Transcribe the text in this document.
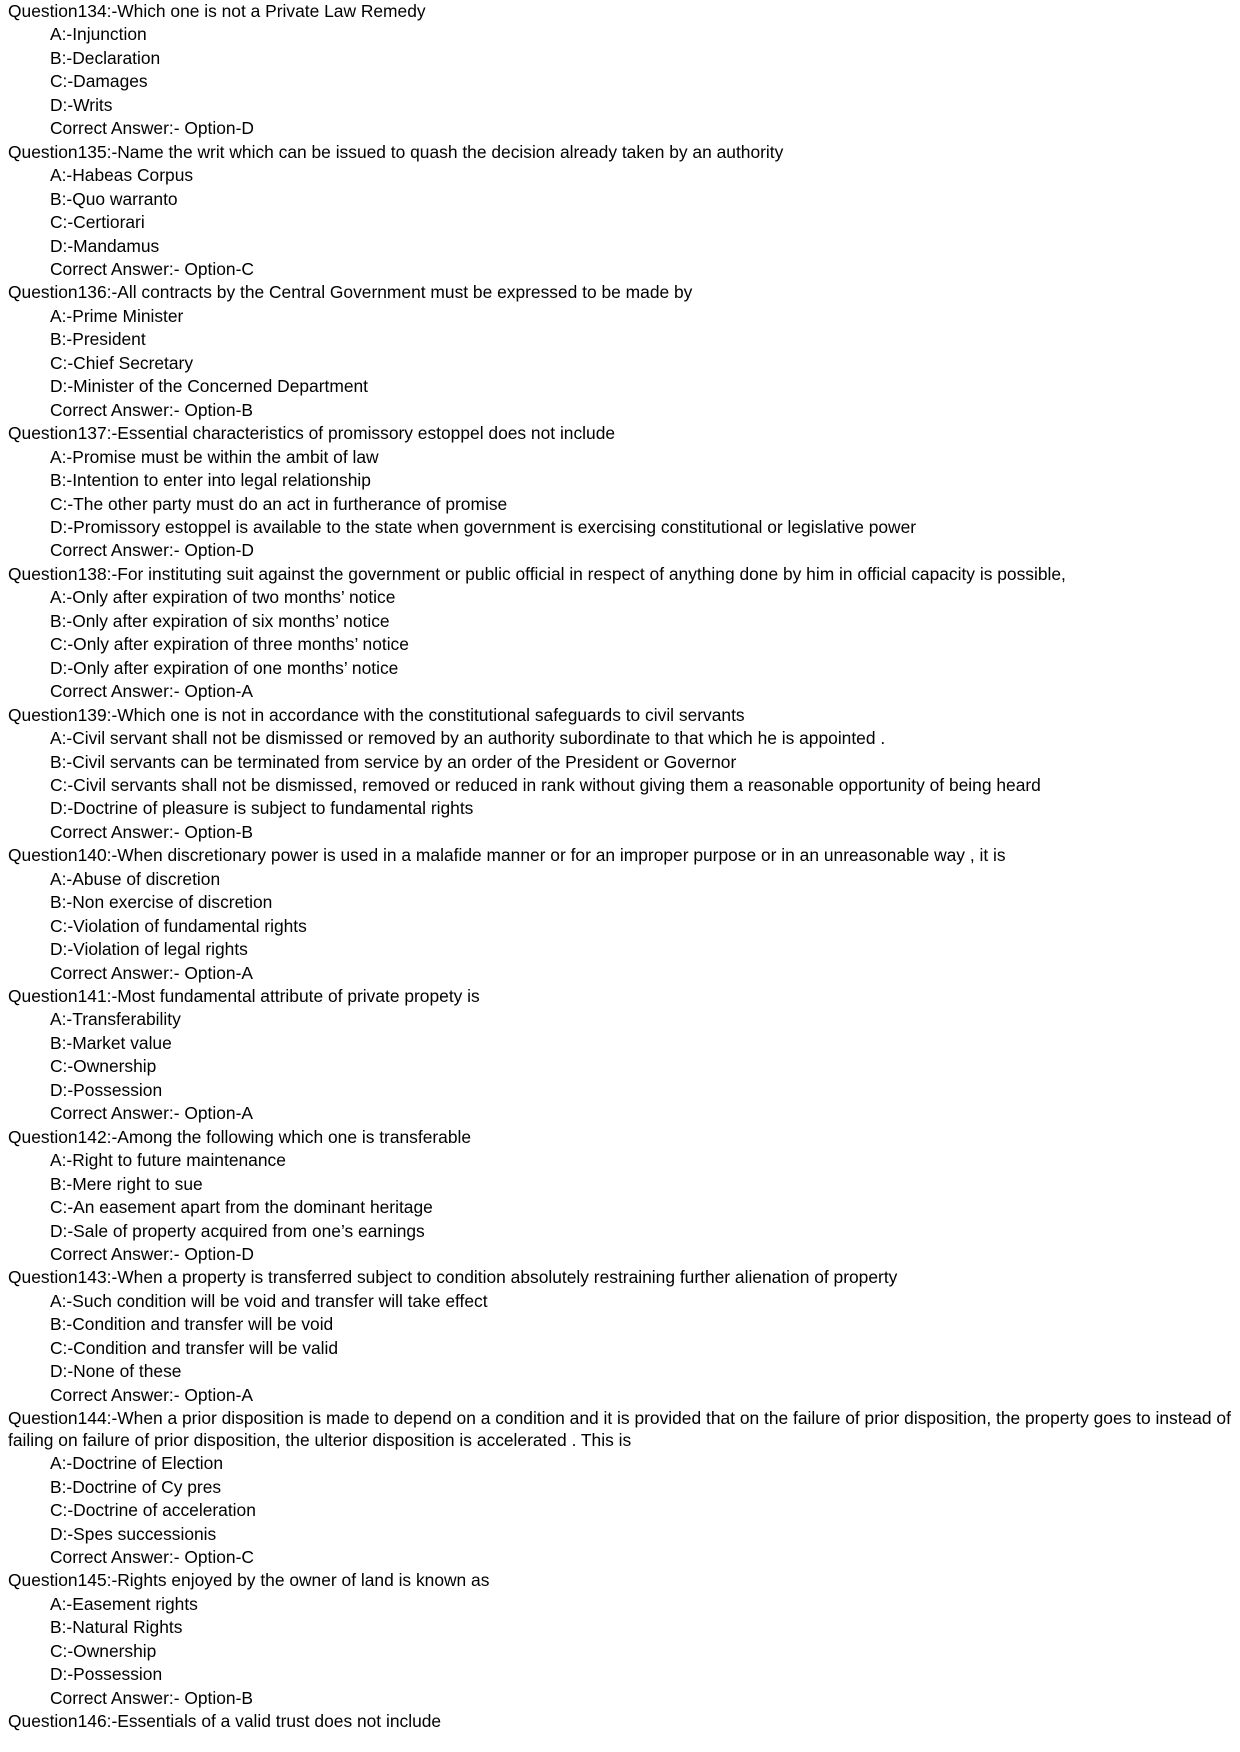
Question134:-Which one is not a Private Law Remedy

A:-Injunction

B:-Declaration

C:-Damages

D:-Writs

Correct Answer:- Option-D

Question135:-Name the writ which can be issued to quash the decision already taken by an authority

A:-Habeas Corpus

B:-Quo warranto

C:-Certiorari

D:-Mandamus

Correct Answer:- Option-C

Question136:-All contracts by the Central Government must be expressed to be made by

A:-Prime Minister

B:-President

C:-Chief Secretary

D:-Minister of the Concerned Department

Correct Answer:- Option-B

Question137:-Essential characteristics of promissory estoppel does not include

A:-Promise must be within the ambit of law

B:-Intention to enter into legal relationship

C:-The other party must do an act in furtherance of promise

D:-Promissory estoppel is available to the state when government is exercising constitutional or legislative power

Correct Answer:- Option-D

Question138:-For instituting suit against the government or public official in respect of anything done by him in official capacity is possible,

A:-Only after expiration of two months’ notice

B:-Only after expiration of six months’ notice

C:-Only after expiration of three months’ notice

D:-Only after expiration of one months’ notice

Correct Answer:- Option-A

Question139:-Which one is not in accordance with the constitutional safeguards to civil servants

A:-Civil servant shall not be dismissed or removed by an authority subordinate to that which he is appointed .

B:-Civil servants can be terminated from service by an order of the President or Governor

C:-Civil servants shall not be dismissed, removed or reduced in rank without giving them a reasonable opportunity of being heard

D:-Doctrine of pleasure is subject to fundamental rights

Correct Answer:- Option-B

Question140:-When discretionary power is used in a malafide manner or for an improper purpose or in an unreasonable way , it is

A:-Abuse of discretion

B:-Non exercise of discretion

C:-Violation of fundamental rights

D:-Violation of legal rights

Correct Answer:- Option-A

Question141:-Most fundamental attribute of private propety is

A:-Transferability

B:-Market value

C:-Ownership

D:-Possession

Correct Answer:- Option-A

Question142:-Among the following which one is transferable

A:-Right to future maintenance

B:-Mere right to sue

C:-An easement apart from the dominant heritage

D:-Sale of property acquired from one’s earnings

Correct Answer:- Option-D

Question143:-When a property is transferred subject to condition absolutely restraining further alienation of property

A:-Such condition will be void and transfer will take effect

B:-Condition and transfer will be void

C:-Condition and transfer will be valid

D:-None of these

Correct Answer:- Option-A

Question144:-When a prior disposition is made to depend on a condition and it is provided that on the failure of prior disposition, the property goes to instead of failing on failure of prior disposition, the ulterior disposition is accelerated . This is

A:-Doctrine of Election

B:-Doctrine of Cy pres

C:-Doctrine of acceleration

D:-Spes successionis

Correct Answer:- Option-C

Question145:-Rights enjoyed by the owner of land is known as

A:-Easement rights

B:-Natural Rights

C:-Ownership

D:-Possession

Correct Answer:- Option-B

Question146:-Essentials of a valid trust does not include
